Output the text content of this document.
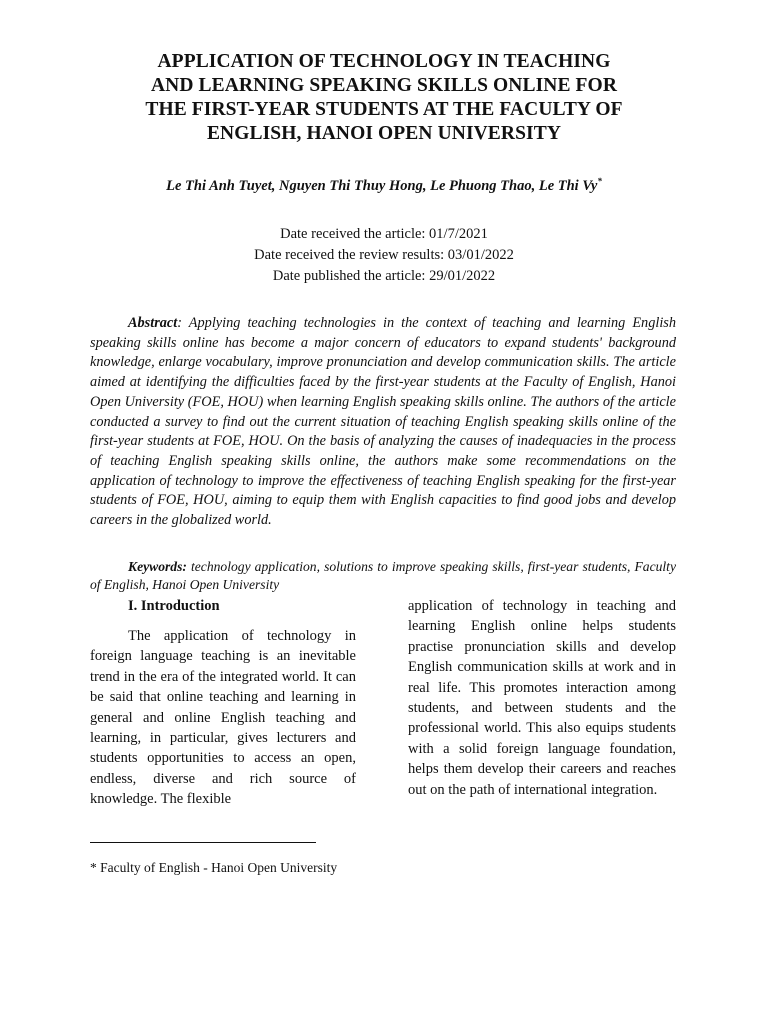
APPLICATION OF TECHNOLOGY IN TEACHING
AND LEARNING SPEAKING SKILLS ONLINE FOR
THE FIRST-YEAR STUDENTS AT THE FACULTY OF
ENGLISH, HANOI OPEN UNIVERSITY
Le Thi Anh Tuyet, Nguyen Thi Thuy Hong, Le Phuong Thao, Le Thi Vy*
Date received the article: 01/7/2021
Date received the review results: 03/01/2022
Date published the article: 29/01/2022

Abstract: Applying teaching technologies in the context of teaching and learning English speaking skills online has become a major concern of educators to expand students' background knowledge, enlarge vocabulary, improve pronunciation and develop communication skills. The article aimed at identifying the difficulties faced by the first-year students at the Faculty of English, Hanoi Open University (FOE, HOU) when learning English speaking skills online. The authors of the article conducted a survey to find out the current situation of teaching English speaking skills online of the first-year students at FOE, HOU. On the basis of analyzing the causes of inadequacies in the process of teaching English speaking skills online, the authors make some recommendations on the application of technology to improve the effectiveness of teaching English speaking for the first-year students of FOE, HOU, aiming to equip them with English capacities to find good jobs and develop careers in the globalized world.

Keywords: technology application, solutions to improve speaking skills, first-year students, Faculty of English, Hanoi Open University

I. Introduction

The application of technology in foreign language teaching is an inevitable trend in the era of the integrated world. It can be said that online teaching and learning in general and online English teaching and learning, in particular, gives lecturers and students opportunities to access an open, endless, diverse and rich source of knowledge. The flexible

application of technology in teaching and learning English online helps students practise pronunciation skills and develop English communication skills at work and in real life. This promotes interaction among students, and between students and the professional world. This also equips students with a solid foreign language foundation, helps them develop their careers and reaches out on the path of international integration.

* Faculty of English - Hanoi Open University
